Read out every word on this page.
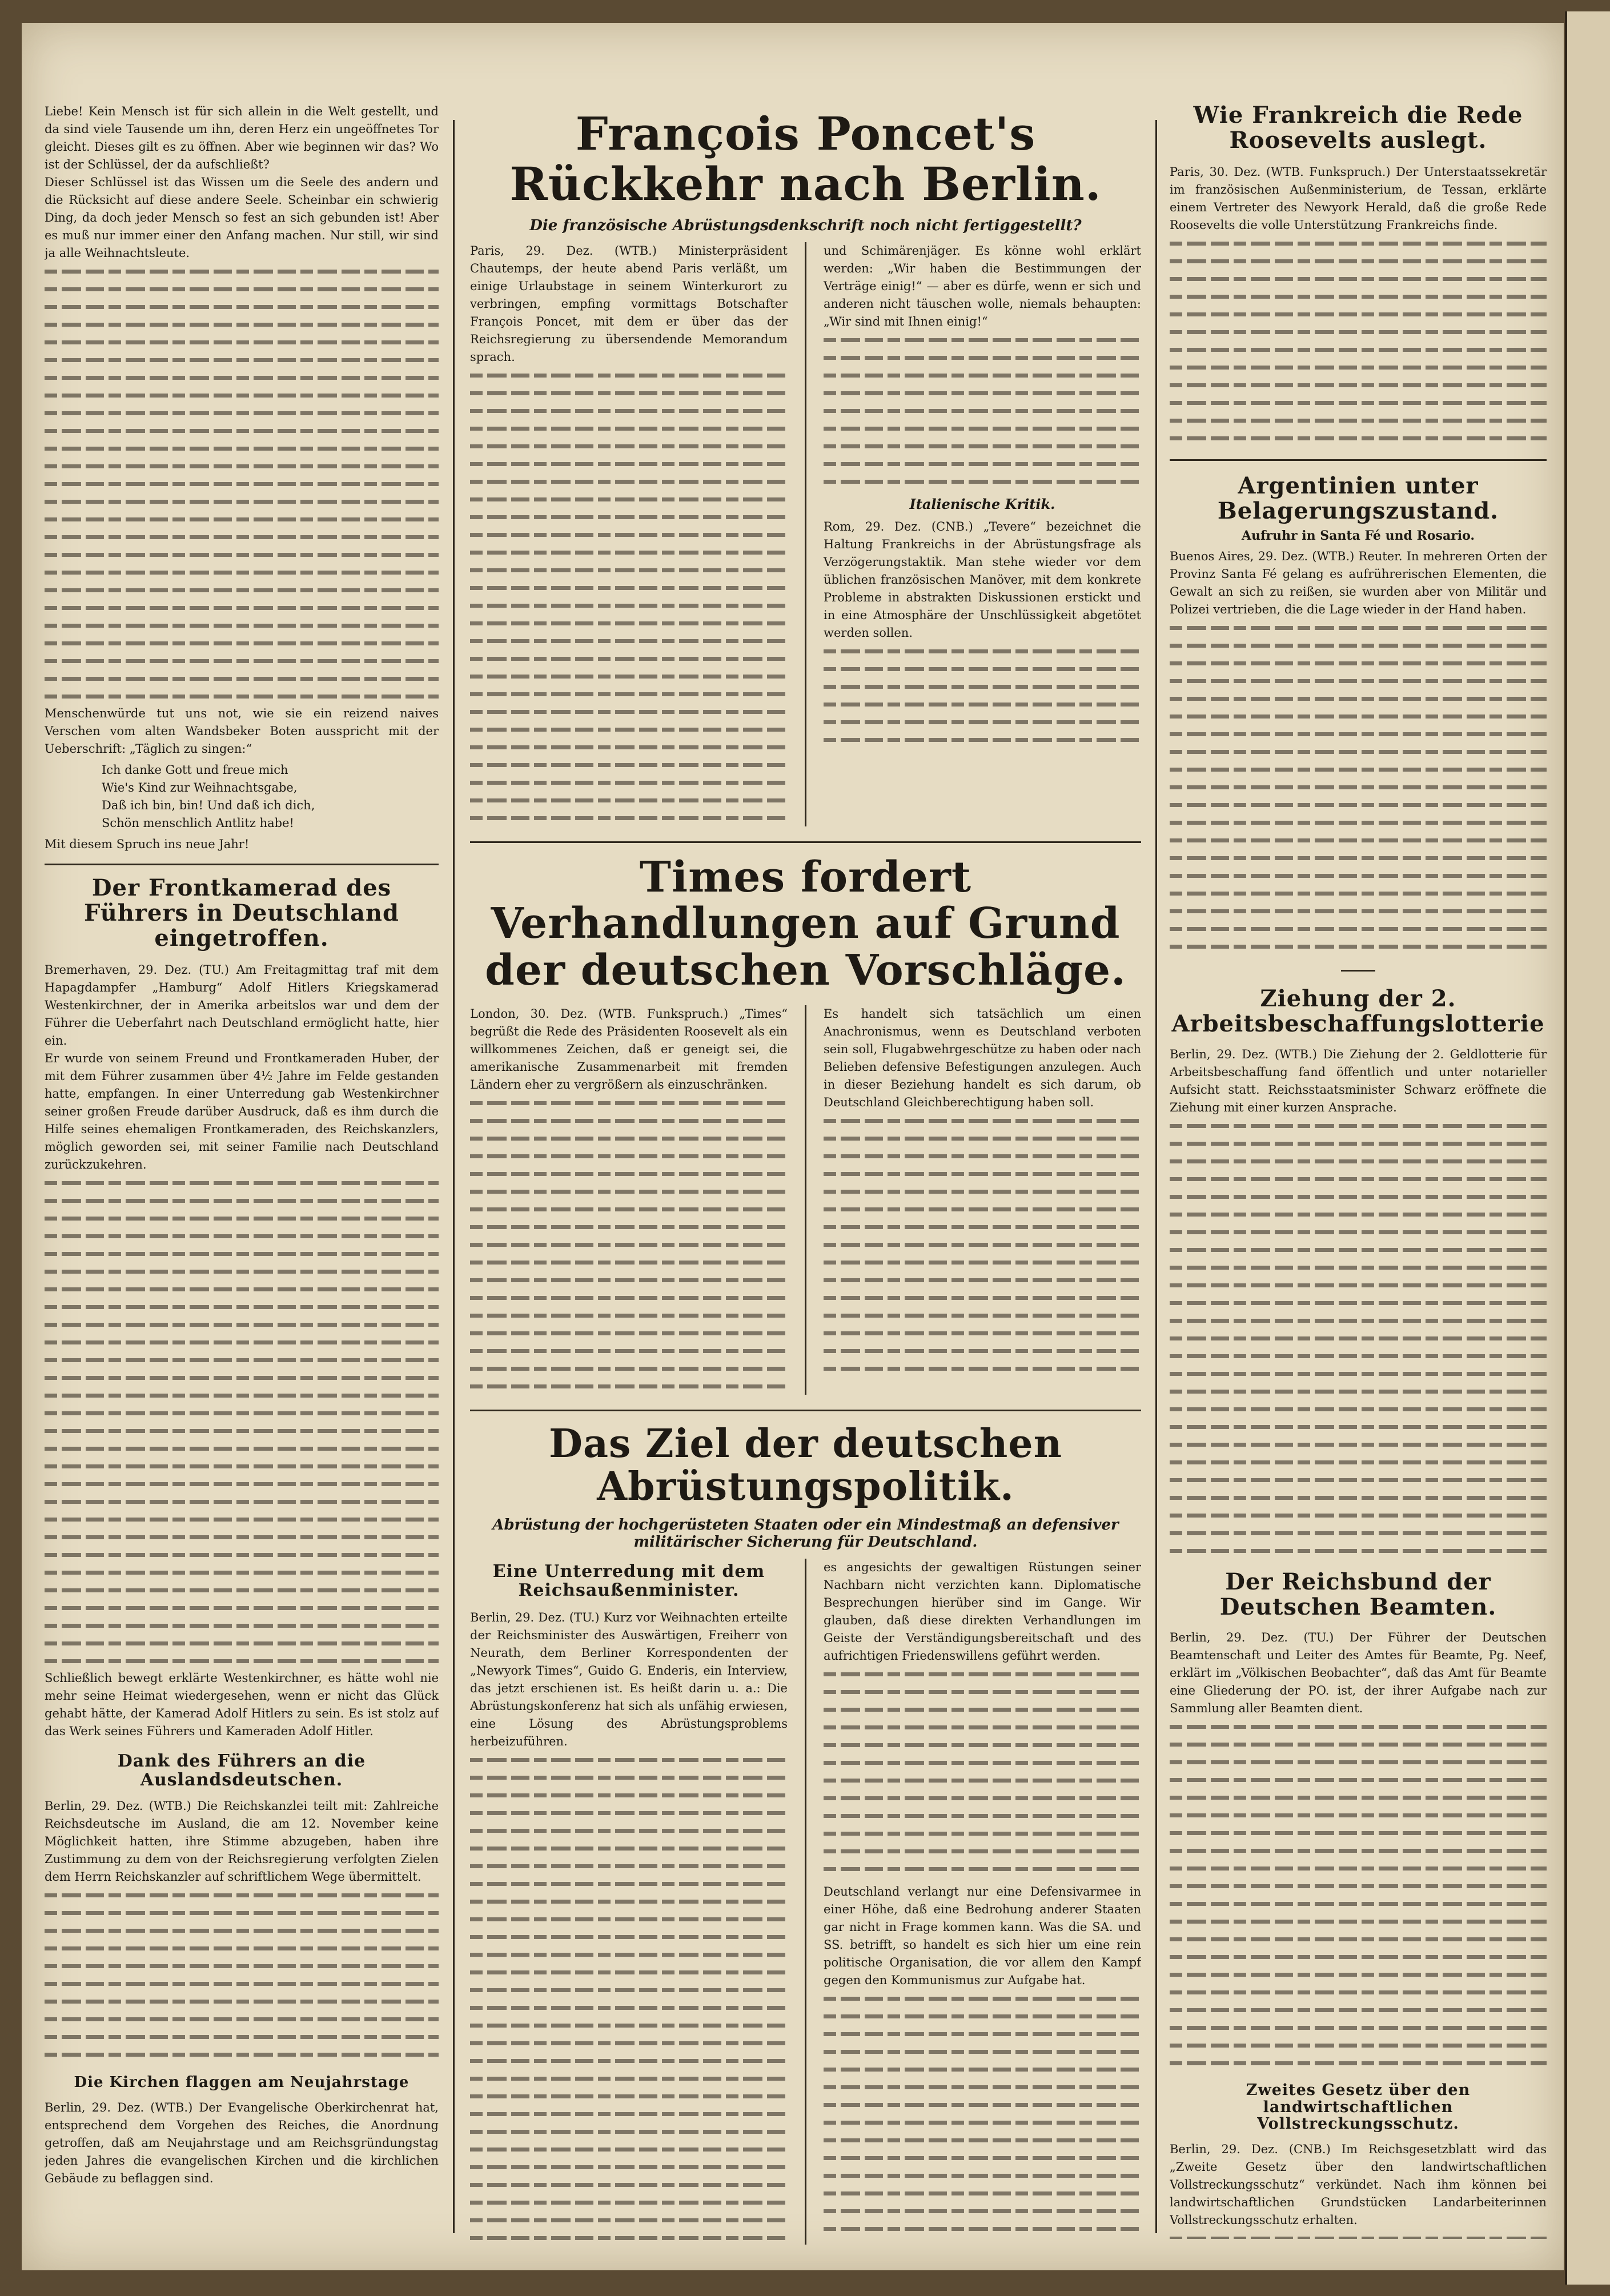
Liebe! Kein Mensch ist für sich allein in die Welt gestellt, und da sind viele Tausende um ihn, deren Herz ein ungeöffnetes Tor gleicht. Dieses gilt es zu öffnen. Aber wie beginnen wir das? Wo ist der Schlüssel, der da aufschließt?

Dieser Schlüssel ist das Wissen um die Seele des andern und die Rücksicht auf diese andere Seele. Scheinbar ein schwierig Ding, da doch jeder Mensch so fest an sich gebunden ist! Aber es muß nur immer einer den Anfang machen. Nur still, wir sind ja alle Weihnachtsleute.

Menschenwürde tut uns not, wie sie ein reizend naives Verschen vom alten Wandsbeker Boten ausspricht mit der Ueberschrift: „Täglich zu singen:“

Ich danke Gott und freue mich

Wie's Kind zur Weihnachtsgabe,

Daß ich bin, bin! Und daß ich dich,

Schön menschlich Antlitz habe!

Mit diesem Spruch ins neue Jahr!

Der Frontkamerad des Führers in Deutschland eingetroffen.

Bremerhaven, 29. Dez. (TU.) Am Freitagmittag traf mit dem Hapagdampfer „Hamburg“ Adolf Hitlers Kriegskamerad Westenkirchner, der in Amerika arbeitslos war und dem der Führer die Ueberfahrt nach Deutschland ermöglicht hatte, hier ein.

Er wurde von seinem Freund und Frontkameraden Huber, der mit dem Führer zusammen über 4½ Jahre im Felde gestanden hatte, empfangen. In einer Unterredung gab Westenkirchner seiner großen Freude darüber Ausdruck, daß es ihm durch die Hilfe seines ehemaligen Frontkameraden, des Reichskanzlers, möglich geworden sei, mit seiner Familie nach Deutschland zurückzukehren.

Schließlich bewegt erklärte Westenkirchner, es hätte wohl nie mehr seine Heimat wiedergesehen, wenn er nicht das Glück gehabt hätte, der Kamerad Adolf Hitlers zu sein. Es ist stolz auf das Werk seines Führers und Kameraden Adolf Hitler.

Dank des Führers an die Auslandsdeutschen.

Berlin, 29. Dez. (WTB.) Die Reichskanzlei teilt mit: Zahlreiche Reichsdeutsche im Ausland, die am 12. November keine Möglichkeit hatten, ihre Stimme abzugeben, haben ihre Zustimmung zu dem von der Reichsregierung verfolgten Zielen dem Herrn Reichskanzler auf schriftlichem Wege übermittelt.

Die Kirchen flaggen am Neujahrstage

Berlin, 29. Dez. (WTB.) Der Evangelische Oberkirchenrat hat, entsprechend dem Vorgehen des Reiches, die Anordnung getroffen, daß am Neujahrstage und am Reichsgründungstag jeden Jahres die evangelischen Kirchen und die kirchlichen Gebäude zu beflaggen sind.

François Poncet's Rückkehr nach Berlin.

Die französische Abrüstungsdenkschrift noch nicht fertiggestellt?

Paris, 29. Dez. (WTB.) Ministerpräsident Chautemps, der heute abend Paris verläßt, um einige Urlaubstage in seinem Winterkurort zu verbringen, empfing vormittags Botschafter François Poncet, mit dem er über das der Reichsregierung zu übersendende Memorandum sprach.

und Schimärenjäger. Es könne wohl erklärt werden: „Wir haben die Bestimmungen der Verträge einig!“ — aber es dürfe, wenn er sich und anderen nicht täuschen wolle, niemals behaupten: „Wir sind mit Ihnen einig!“

Italienische Kritik.

Rom, 29. Dez. (CNB.) „Tevere“ bezeichnet die Haltung Frankreichs in der Abrüstungsfrage als Verzögerungstaktik. Man stehe wieder vor dem üblichen französischen Manöver, mit dem konkrete Probleme in abstrakten Diskussionen erstickt und in eine Atmosphäre der Unschlüssigkeit abgetötet werden sollen.

Times fordert Verhandlungen auf Grund der deutschen Vorschläge.

London, 30. Dez. (WTB. Funkspruch.) „Times“ begrüßt die Rede des Präsidenten Roosevelt als ein willkommenes Zeichen, daß er geneigt sei, die amerikanische Zusammenarbeit mit fremden Ländern eher zu vergrößern als einzuschränken.

Es handelt sich tatsächlich um einen Anachronismus, wenn es Deutschland verboten sein soll, Flugabwehrgeschütze zu haben oder nach Belieben defensive Befestigungen anzulegen. Auch in dieser Beziehung handelt es sich darum, ob Deutschland Gleichberechtigung haben soll.

Das Ziel der deutschen Abrüstungspolitik.

Abrüstung der hochgerüsteten Staaten oder ein Mindestmaß an defensiver militärischer Sicherung für Deutschland.

Eine Unterredung mit dem Reichsaußenminister.

Berlin, 29. Dez. (TU.) Kurz vor Weihnachten erteilte der Reichsminister des Auswärtigen, Freiherr von Neurath, dem Berliner Korrespondenten der „Newyork Times“, Guido G. Enderis, ein Interview, das jetzt erschienen ist. Es heißt darin u. a.: Die Abrüstungskonferenz hat sich als unfähig erwiesen, eine Lösung des Abrüstungsproblems herbeizuführen.

es angesichts der gewaltigen Rüstungen seiner Nachbarn nicht verzichten kann. Diplomatische Besprechungen hierüber sind im Gange. Wir glauben, daß diese direkten Verhandlungen im Geiste der Verständigungsbereitschaft und des aufrichtigen Friedenswillens geführt werden.

Deutschland verlangt nur eine Defensivarmee in einer Höhe, daß eine Bedrohung anderer Staaten gar nicht in Frage kommen kann. Was die SA. und SS. betrifft, so handelt es sich hier um eine rein politische Organisation, die vor allem den Kampf gegen den Kommunismus zur Aufgabe hat.

Wie Frankreich die Rede Roosevelts auslegt.

Paris, 30. Dez. (WTB. Funkspruch.) Der Unterstaatssekretär im französischen Außenministerium, de Tessan, erklärte einem Vertreter des Newyork Herald, daß die große Rede Roosevelts die volle Unterstützung Frankreichs finde.

Argentinien unter Belagerungszustand.

Aufruhr in Santa Fé und Rosario.

Buenos Aires, 29. Dez. (WTB.) Reuter. In mehreren Orten der Provinz Santa Fé gelang es aufrührerischen Elementen, die Gewalt an sich zu reißen, sie wurden aber von Militär und Polizei vertrieben, die die Lage wieder in der Hand haben.

Ziehung der 2. Arbeitsbeschaffungslotterie

Berlin, 29. Dez. (WTB.) Die Ziehung der 2. Geldlotterie für Arbeitsbeschaffung fand öffentlich und unter notarieller Aufsicht statt. Reichsstaatsminister Schwarz eröffnete die Ziehung mit einer kurzen Ansprache.

Der Reichsbund der Deutschen Beamten.

Berlin, 29. Dez. (TU.) Der Führer der Deutschen Beamtenschaft und Leiter des Amtes für Beamte, Pg. Neef, erklärt im „Völkischen Beobachter“, daß das Amt für Beamte eine Gliederung der PO. ist, der ihrer Aufgabe nach zur Sammlung aller Beamten dient.

Zweites Gesetz über den landwirtschaftlichen Vollstreckungsschutz.

Berlin, 29. Dez. (CNB.) Im Reichsgesetzblatt wird das „Zweite Gesetz über den landwirtschaftlichen Vollstreckungsschutz“ verkündet. Nach ihm können bei landwirtschaftlichen Grundstücken Landarbeiterinnen Vollstreckungsschutz erhalten.
